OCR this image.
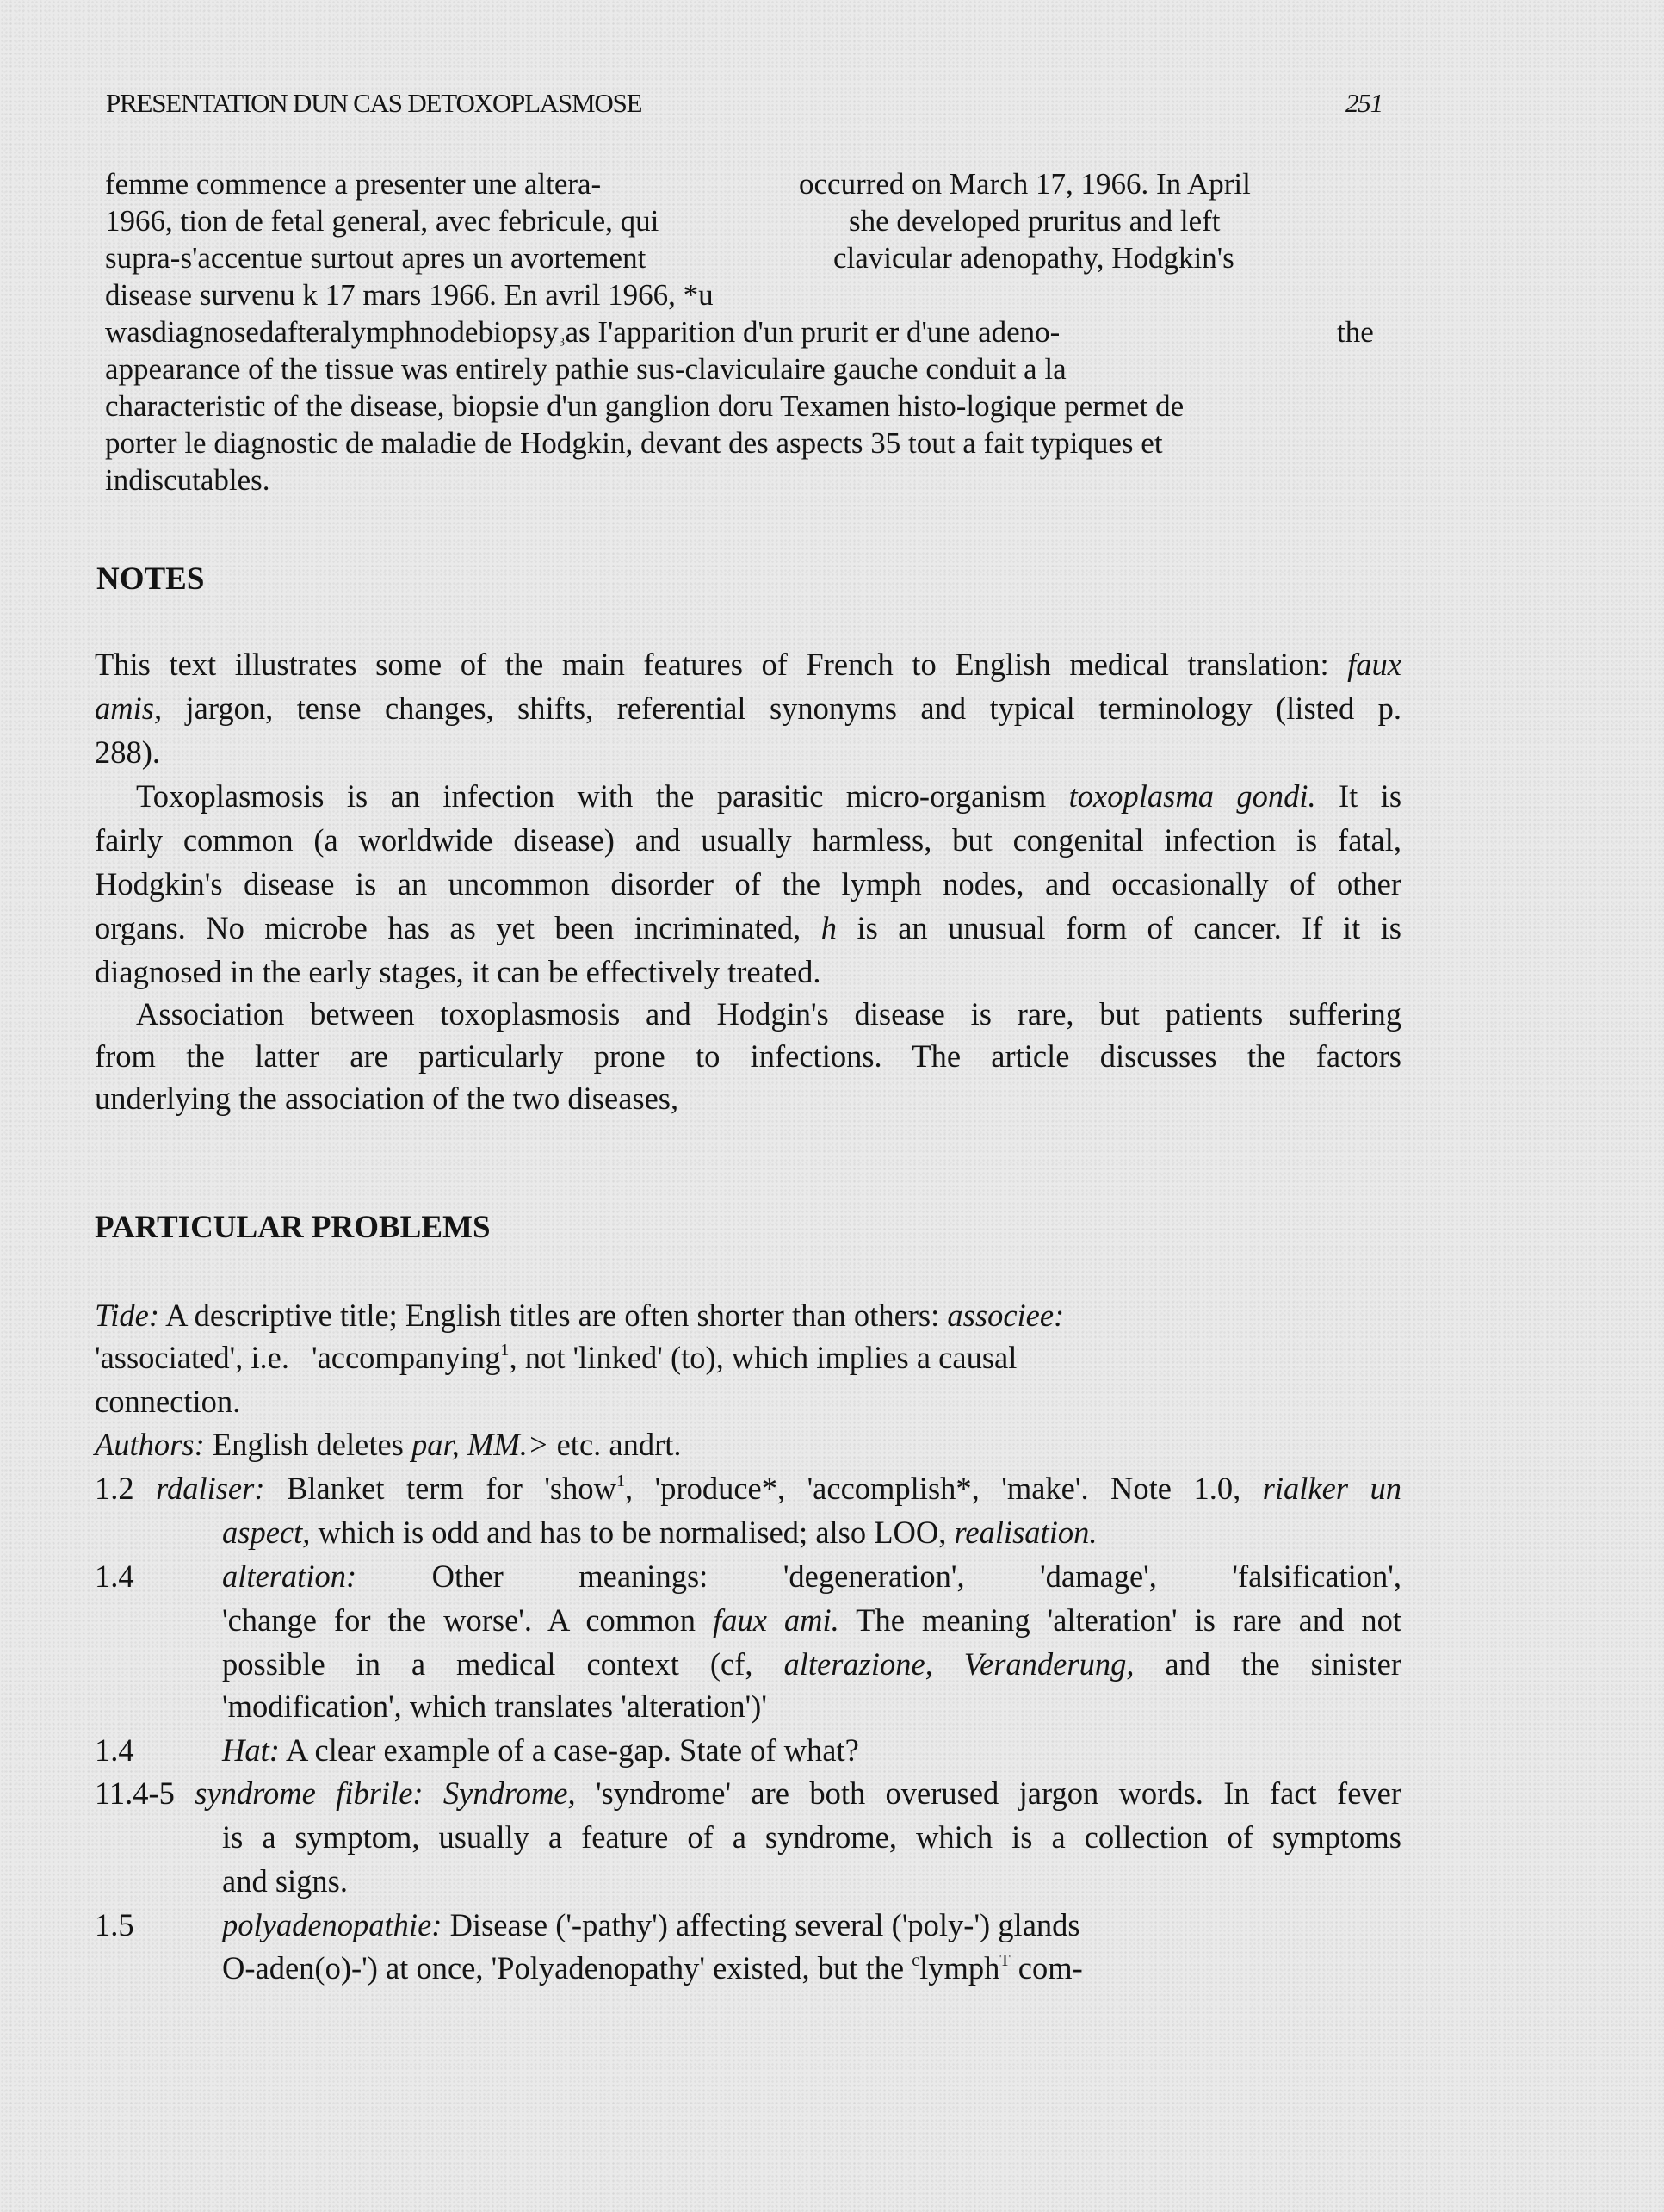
PRESENTATION DUN CAS DETOXOPLASMOSE	251
femme commence a presenter une altera-	occurred on March 17, 1966. In April
1966, tion de fetal general, avec febricule, qui	she developed pruritus and left
supra-s'accentue surtout apres un avortement	clavicular adenopathy, Hodgkin's
disease survenu k 17 mars 1966. En avril 1966, *u
wasdiagnosedafteralymphnodebiopsy₃as I'apparition d'un prurit er d'une adeno-	the
appearance of the tissue was entirely pathie sus-claviculaire gauche conduit a la
characteristic of the disease, biopsie d'un ganglion doru Texamen histo-logique permet de
porter le diagnostic de maladie de Hodgkin, devant des aspects 35 tout a fait typiques et
indiscutables.
NOTES
This text illustrates some of the main features of French to English medical translation: faux
amis, jargon, tense changes, shifts, referential synonyms and typical terminology (listed p.
288).
Toxoplasmosis is an infection with the parasitic micro-organism toxoplasma gondi. It is
fairly common (a worldwide disease) and usually harmless, but congenital infection is fatal,
Hodgkin's disease is an uncommon disorder of the lymph nodes, and occasionally of other
organs. No microbe has as yet been incriminated, h is an unusual form of cancer. If it is
diagnosed in the early stages, it can be effectively treated.
Association between toxoplasmosis and Hodgin's disease is rare, but patients suffering
from the latter are particularly prone to infections. The article discusses the factors
underlying the association of the two diseases,
PARTICULAR PROBLEMS
Tide: A descriptive title; English titles are often shorter than others: associee:
'associated', i.e. 'accompanying$^1$, not 'linked' (to), which implies a causal
connection.
Authors: English deletes par, MM.> etc. andrt.
1.2 rdaliser: Blanket term for 'show$^1$, 'produce*, 'accomplish*, 'make'. Note 1.0, rialker un
aspect, which is odd and has to be normalised; also LOO, realisation.
1.4	alteration: Other meanings: 'degeneration', 'damage', 'falsification',
'change for the worse'. A common faux ami. The meaning 'alteration' is rare and not
possible in a medical context (cf, alterazione, Veranderung, and the sinister
'modification', which translates 'alteration')'
1.4	Hat: A clear example of a case-gap. State of what?
11.4-5 syndrome fibrile: Syndrome, 'syndrome' are both overused jargon words. In fact fever
is a symptom, usually a feature of a syndrome, which is a collection of symptoms
and signs.
1.5	polyadenopathie: Disease ('-pathy') affecting several ('poly-') glands
O-aden(o)-') at once, 'Polyadenopathy' existed, but the $^c$lymph$^T$ com-
